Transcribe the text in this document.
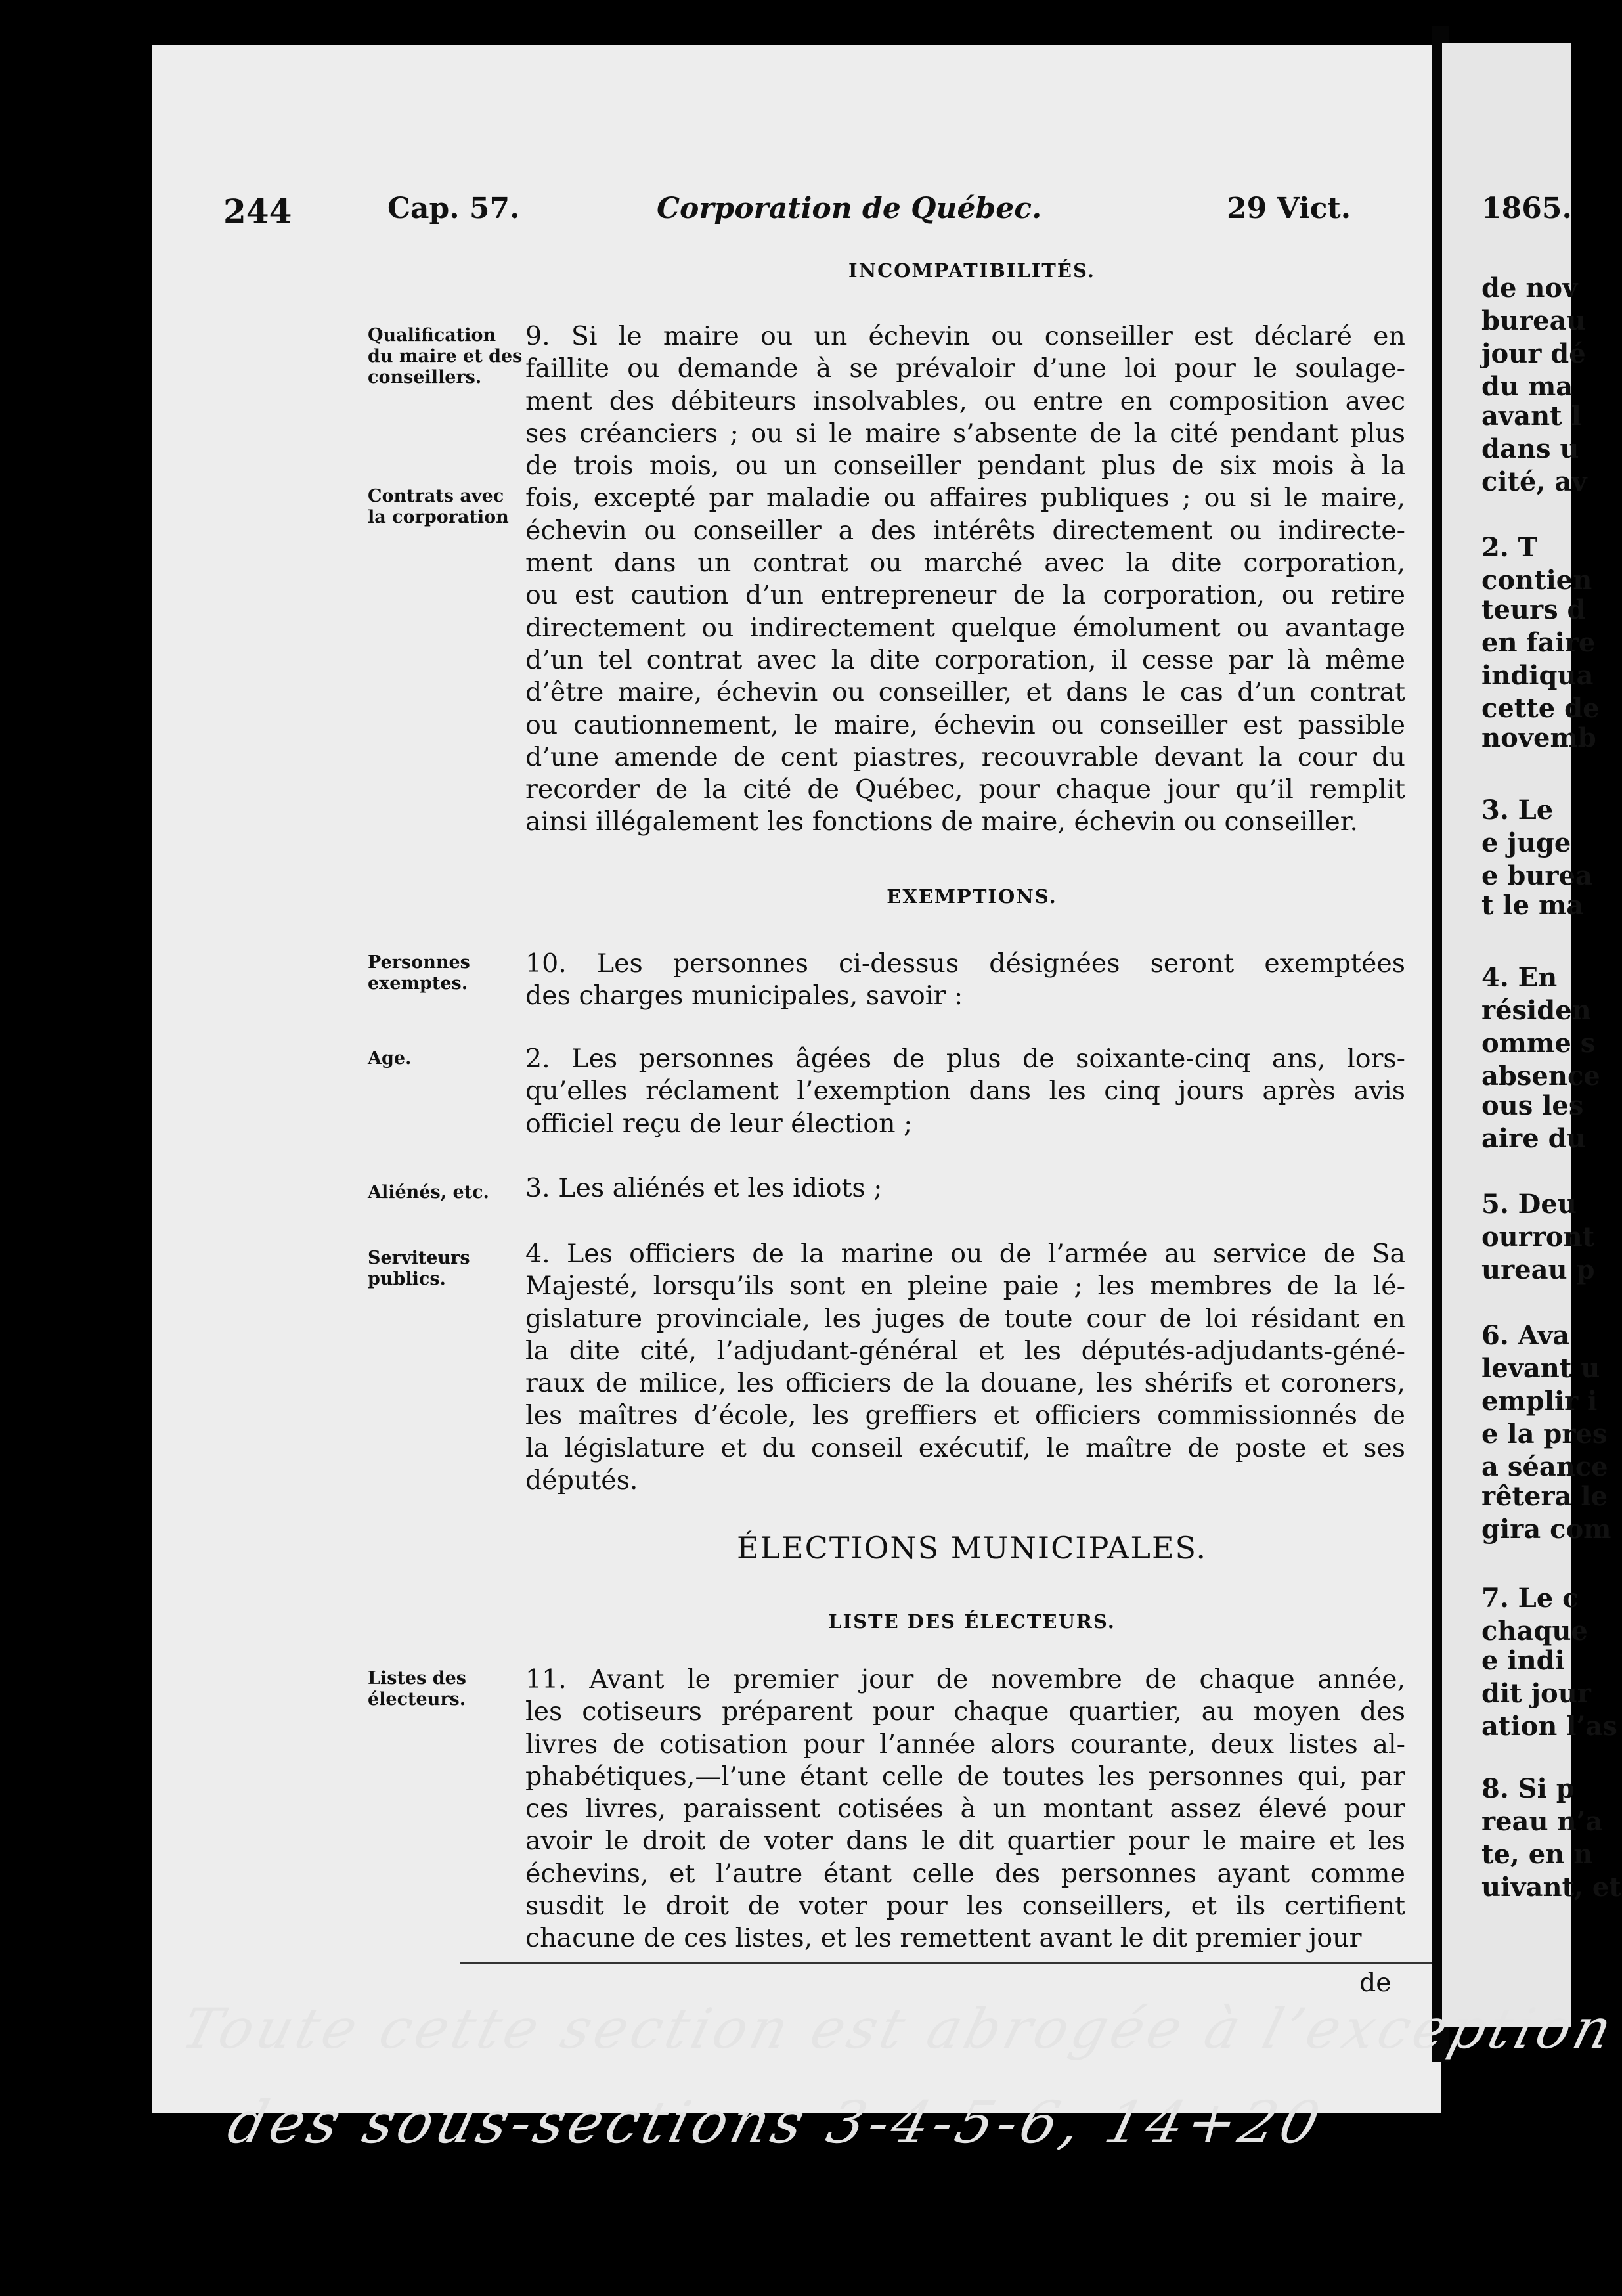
244	Cap. 57.	Corporation de Québec.	29 Vict.
INCOMPATIBILITÉS.
Qualification du maire et des conseillers.
Contrats avec la corporation
9. Si le maire ou un échevin ou conseiller est déclaré en
faillite ou demande à se prévaloir d’une loi pour le soulage-
ment des débiteurs insolvables, ou entre en composition avec
ses créanciers ; ou si le maire s’absente de la cité pendant plus
de trois mois, ou un conseiller pendant plus de six mois à la
fois, excepté par maladie ou affaires publiques ; ou si le maire,
échevin ou conseiller a des intérêts directement ou indirecte-
ment dans un contrat ou marché avec la dite corporation,
ou est caution d’un entrepreneur de la corporation, ou retire
directement ou indirectement quelque émolument ou avantage
d’un tel contrat avec la dite corporation, il cesse par là même
d’être maire, échevin ou conseiller, et dans le cas d’un contrat
ou cautionnement, le maire, échevin ou conseiller est passible
d’une amende de cent piastres, recouvrable devant la cour du
recorder de la cité de Québec, pour chaque jour qu’il remplit
ainsi illégalement les fonctions de maire, échevin ou conseiller.
EXEMPTIONS.
Personnes exemptes.
10. Les personnes ci-dessus désignées seront exemptées
des charges municipales, savoir :
Age.	2. Les personnes âgées de plus de soixante-cinq ans, lors-
qu’elles réclament l’exemption dans les cinq jours après avis
officiel reçu de leur élection ;
Aliénés, etc.	3. Les aliénés et les idiots ;
Serviteurs publics.
4. Les officiers de la marine ou de l’armée au service de Sa
Majesté, lorsqu’ils sont en pleine paie ; les membres de la lé-
gislature provinciale, les juges de toute cour de loi résidant en
la dite cité, l’adjudant-général et les députés-adjudants-géné-
raux de milice, les officiers de la douane, les shérifs et coroners,
les maîtres d’école, les greffiers et officiers commissionnés de
la législature et du conseil exécutif, le maître de poste et ses
députés.
ÉLECTIONS MUNICIPALES.
LISTE DES ÉLECTEURS.
Listes des électeurs.
11. Avant le premier jour de novembre de chaque année,
les cotiseurs préparent pour chaque quartier, au moyen des
livres de cotisation pour l’année alors courante, deux listes al-
phabétiques,—l’une étant celle de toutes les personnes qui, par
ces livres, paraissent cotisées à un montant assez élevé pour
avoir le droit de voter dans le dit quartier pour le maire et les
échevins, et l’autre étant celle des personnes ayant comme
susdit le droit de voter pour les conseillers, et ils certifient
chacune de ces listes, et les remettent avant le dit premier jour
de
1865.
de nov
bureau
jour dé
du ma
avant l
dans u
cité, av
2. T
contien
teurs d
en faire
indiqua
cette de
novemb
3. Le
e juge
e burea
t le ma
4. En
résiden
omme s
absence
ous les
aire du
5. Deu
ourront
ureau p
6. Ava
levant u
emplir i
e la pres
a séance
rêtera le
gira com
7. Le c
chaque
e indi
dit jour
ation l’as
8. Si p
reau n’a
te, en n
uivant, et
Toute cette section est abrogée à l’exception
des sous-sections 3-4-5-6, 14+20
